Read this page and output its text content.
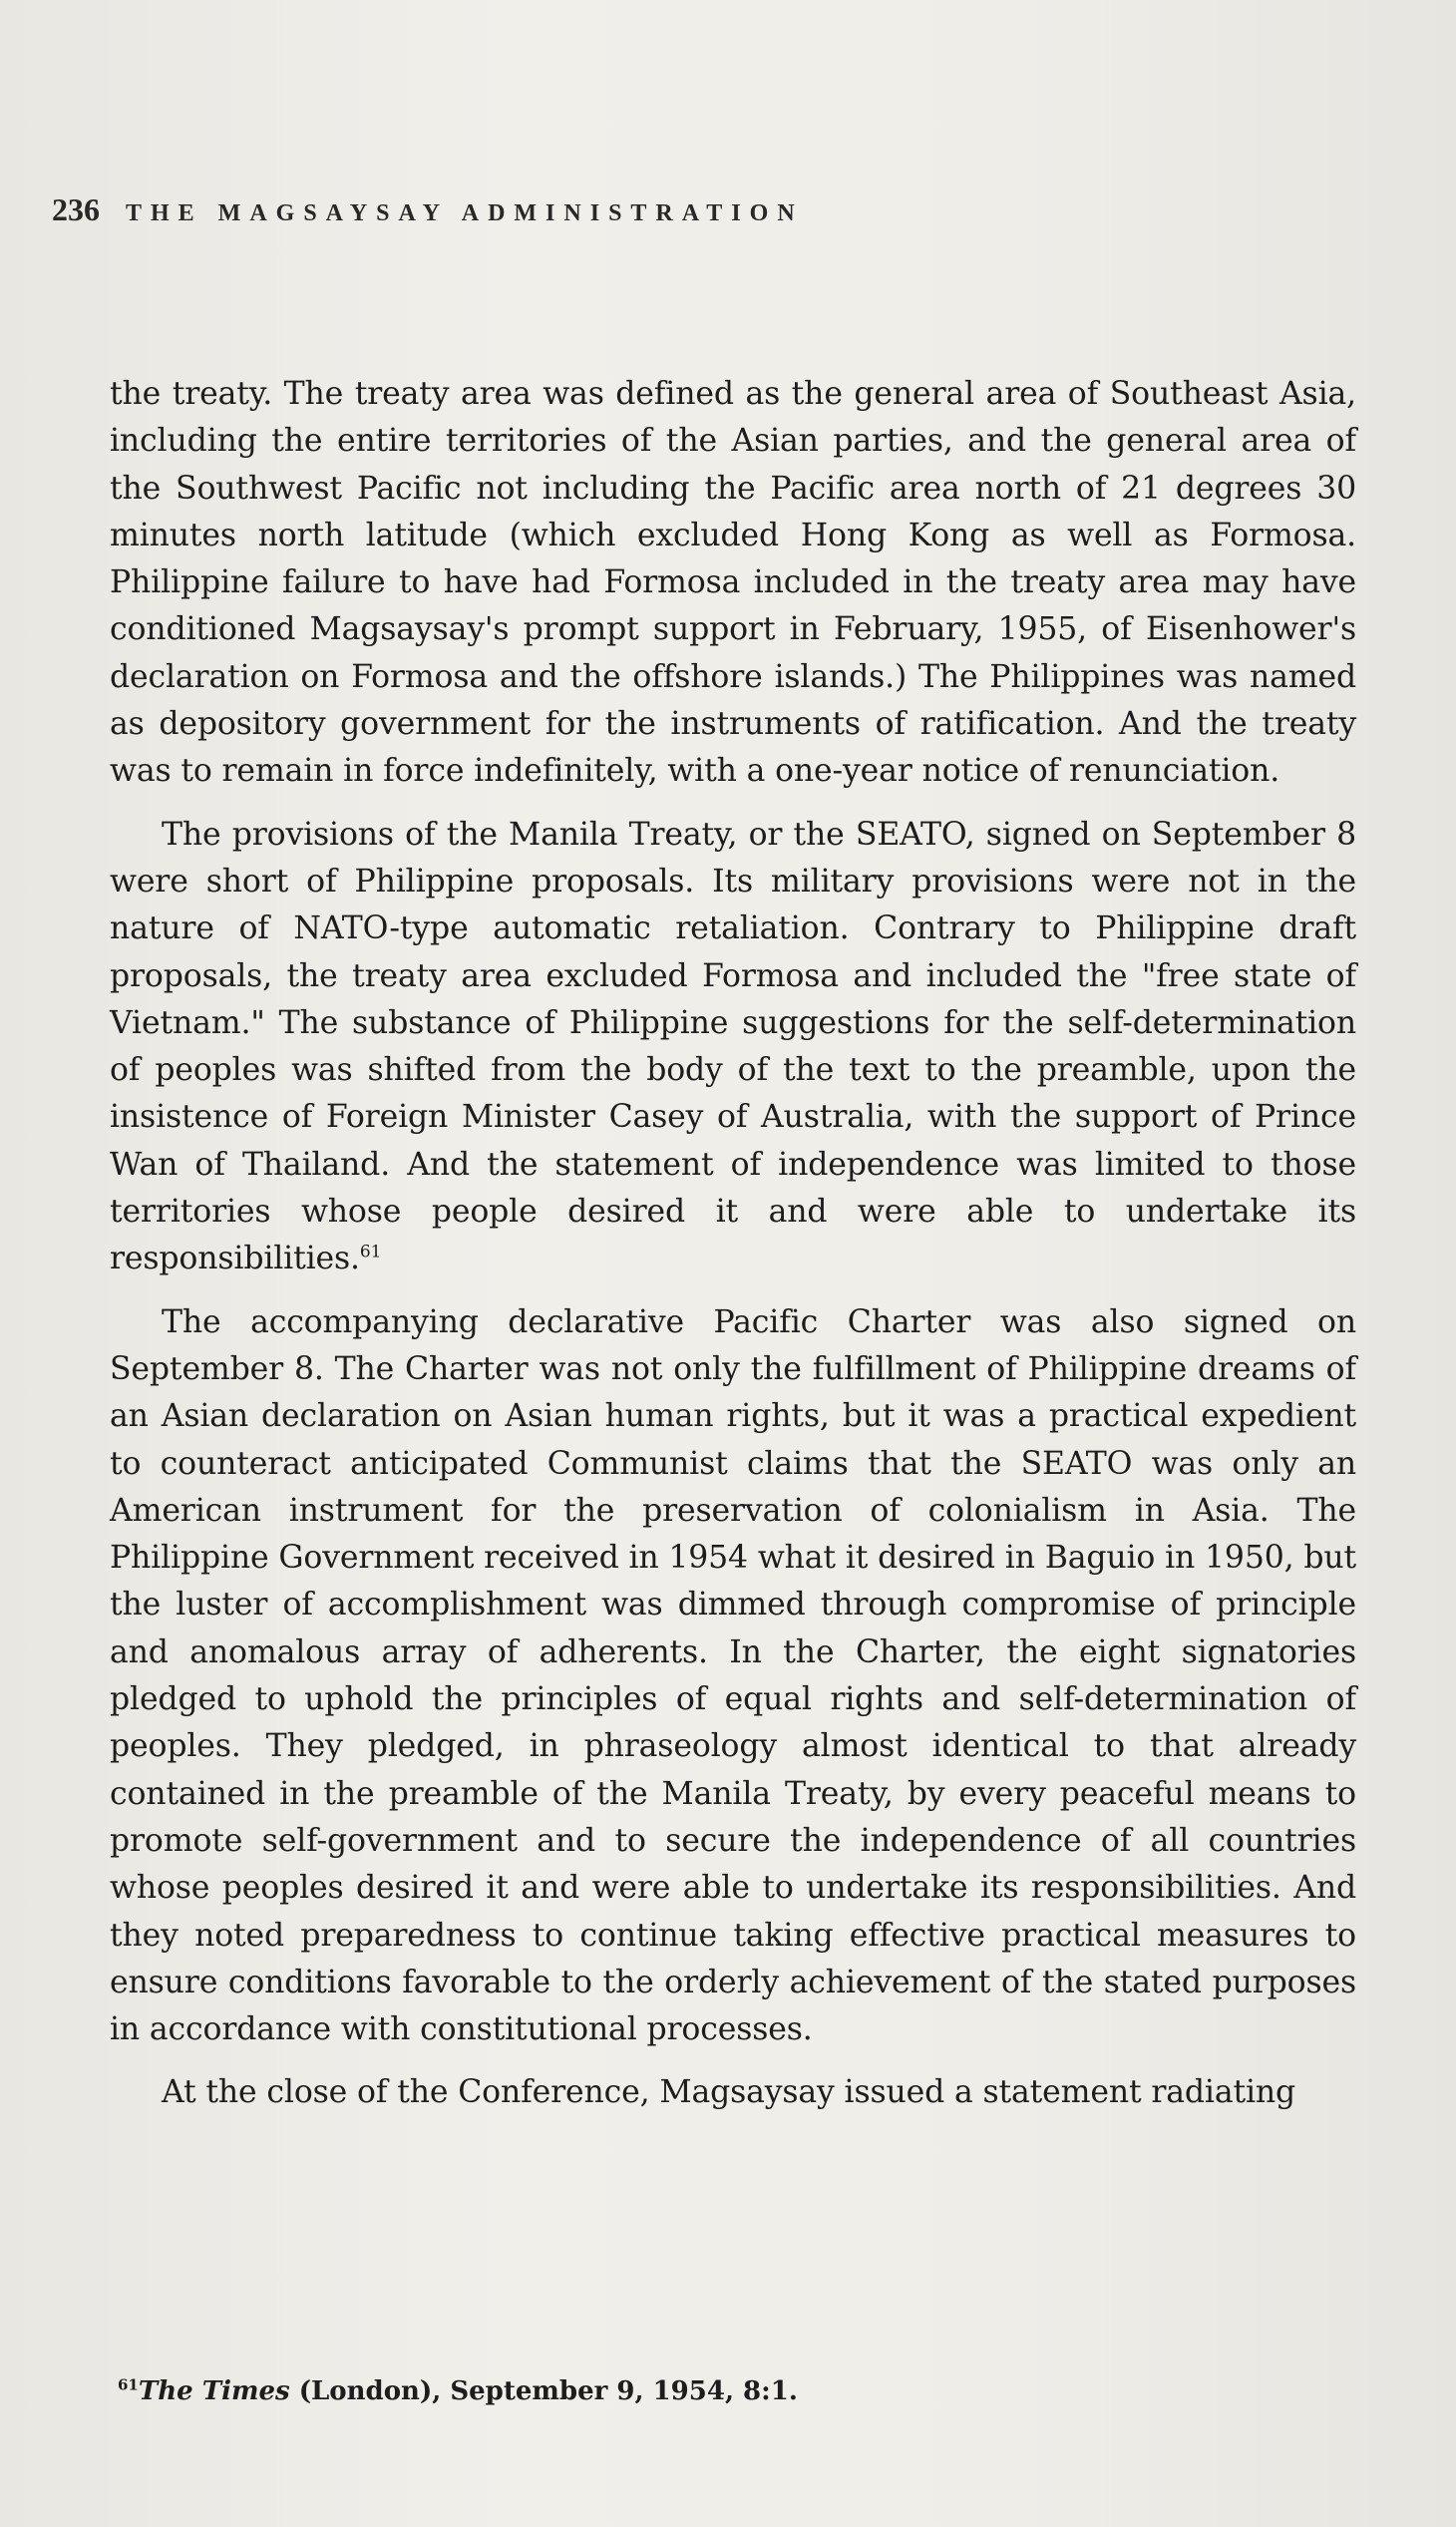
236 THE MAGSAYSAY ADMINISTRATION

the treaty. The treaty area was defined as the general area of Southeast Asia, including the entire territories of the Asian parties, and the general area of the Southwest Pacific not including the Pacific area north of 21 degrees 30 minutes north latitude (which excluded Hong Kong as well as Formosa. Philippine failure to have had Formosa included in the treaty area may have conditioned Magsaysay's prompt support in February, 1955, of Eisenhower's declaration on Formosa and the offshore islands.) The Philippines was named as depository government for the instruments of ratification. And the treaty was to remain in force indefinitely, with a one-year notice of renunciation.

The provisions of the Manila Treaty, or the SEATO, signed on September 8 were short of Philippine proposals. Its military provisions were not in the nature of NATO-type automatic retaliation. Contrary to Philippine draft proposals, the treaty area excluded Formosa and included the "free state of Vietnam." The substance of Philippine suggestions for the self-determination of peoples was shifted from the body of the text to the preamble, upon the insistence of Foreign Minister Casey of Australia, with the support of Prince Wan of Thailand. And the statement of independence was limited to those territories whose people desired it and were able to undertake its responsibilities.$^{61}$

The accompanying declarative Pacific Charter was also signed on September 8. The Charter was not only the fulfillment of Philippine dreams of an Asian declaration on Asian human rights, but it was a practical expedient to counteract anticipated Communist claims that the SEATO was only an American instrument for the preservation of colonialism in Asia. The Philippine Government received in 1954 what it desired in Baguio in 1950, but the luster of accomplishment was dimmed through compromise of principle and anomalous array of adherents. In the Charter, the eight signatories pledged to uphold the principles of equal rights and self-determination of peoples. They pledged, in phraseology almost identical to that already contained in the preamble of the Manila Treaty, by every peaceful means to promote self-government and to secure the independence of all countries whose peoples desired it and were able to undertake its responsibilities. And they noted preparedness to continue taking effective practical measures to ensure conditions favorable to the orderly achievement of the stated purposes in accordance with constitutional processes.

At the close of the Conference, Magsaysay issued a statement radiating

$^{61}$The Times (London), September 9, 1954, 8:1.
